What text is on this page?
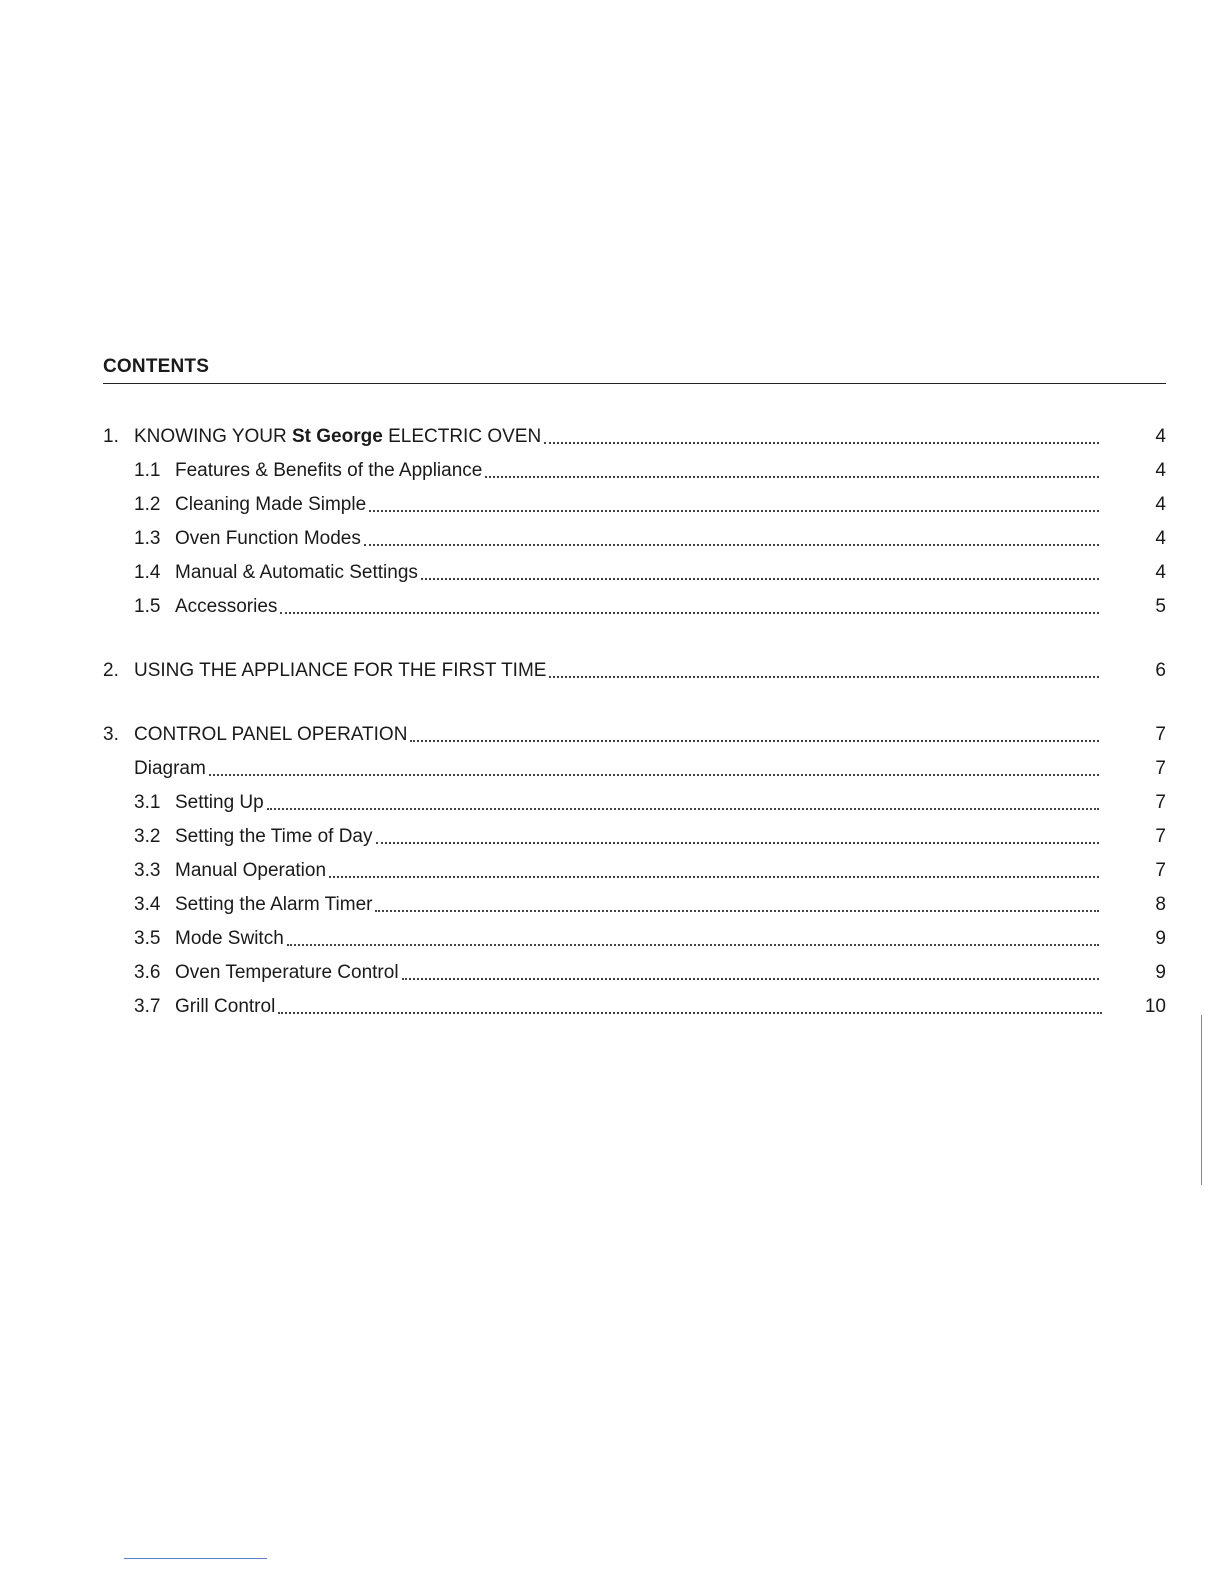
CONTENTS
1. KNOWING YOUR St George ELECTRIC OVEN	4
1.1 Features & Benefits of the Appliance	4
1.2 Cleaning Made Simple	4
1.3 Oven Function Modes	4
1.4 Manual & Automatic Settings	4
1.5 Accessories	5
2. USING THE APPLIANCE FOR THE FIRST TIME	6
3. CONTROL PANEL OPERATION	7
Diagram	7
3.1 Setting Up	7
3.2 Setting the Time of Day	7
3.3 Manual Operation	7
3.4 Setting the Alarm Timer	8
3.5 Mode Switch	9
3.6 Oven Temperature Control	9
3.7 Grill Control	10
